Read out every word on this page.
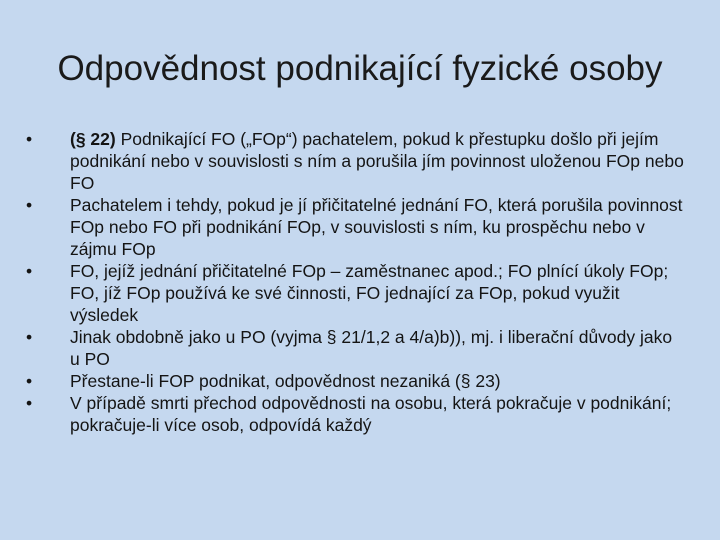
Odpovědnost podnikající fyzické osoby
•	(§ 22) Podnikající FO („FOp“) pachatelem, pokud k přestupku došlo při jejím podnikání nebo v souvislosti s ním a porušila jím povinnost uloženou FOp nebo FO
•	Pachatelem i tehdy, pokud je jí přičitatelné jednání FO, která porušila povinnost FOp nebo FO při podnikání FOp, v souvislosti s ním, ku prospěchu nebo v zájmu FOp
•	FO, jejíž jednání přičitatelné FOp – zaměstnanec apod.; FO plnící úkoly FOp; FO, jíž FOp používá ke své činnosti, FO jednající za FOp, pokud využit výsledek
•	Jinak obdobně jako u PO (vyjma § 21/1,2 a 4/a)b)), mj. i liberační důvody jako u PO
•	Přestane-li FOP podnikat, odpovědnost nezaniká (§ 23)
•	V případě smrti přechod odpovědnosti na osobu, která pokračuje v podnikání; pokračuje-li více osob, odpovídá každý
